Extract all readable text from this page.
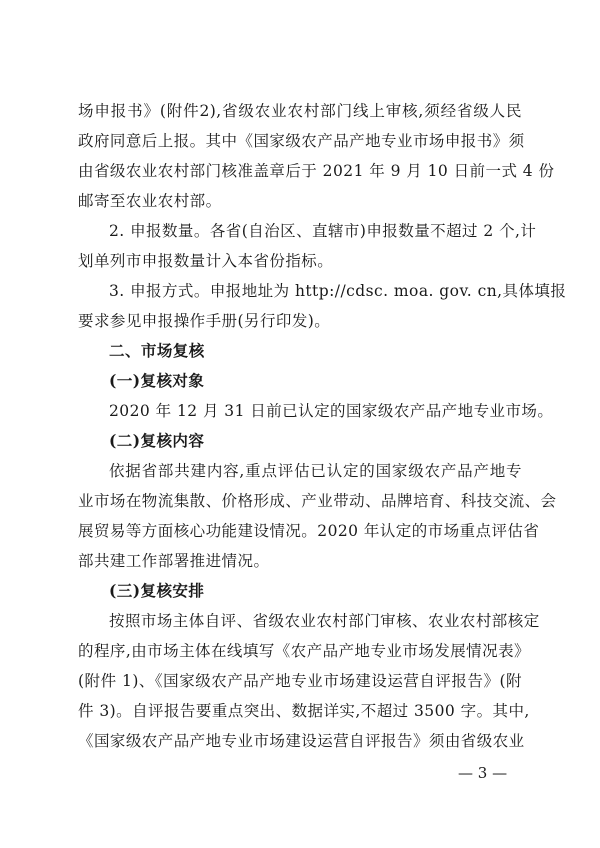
场申报书》(附件2),省级农业农村部门线上审核,须经省级人民
政府同意后上报。其中《国家级农产品产地专业市场申报书》须
由省级农业农村部门核准盖章后于 2021 年 9 月 10 日前一式 4 份
邮寄至农业农村部。
2. 申报数量。各省(自治区、直辖市)申报数量不超过 2 个,计
划单列市申报数量计入本省份指标。
3. 申报方式。申报地址为 http://cdsc. moa. gov. cn,具体填报
要求参见申报操作手册(另行印发)。
二、市场复核
(一)复核对象
2020 年 12 月 31 日前已认定的国家级农产品产地专业市场。
(二)复核内容
依据省部共建内容,重点评估已认定的国家级农产品产地专
业市场在物流集散、价格形成、产业带动、品牌培育、科技交流、会
展贸易等方面核心功能建设情况。2020 年认定的市场重点评估省
部共建工作部署推进情况。
(三)复核安排
按照市场主体自评、省级农业农村部门审核、农业农村部核定
的程序,由市场主体在线填写《农产品产地专业市场发展情况表》
(附件 1)、《国家级农产品产地专业市场建设运营自评报告》(附
件 3)。自评报告要重点突出、数据详实,不超过 3500 字。其中,
《国家级农产品产地专业市场建设运营自评报告》须由省级农业
— 3 —
